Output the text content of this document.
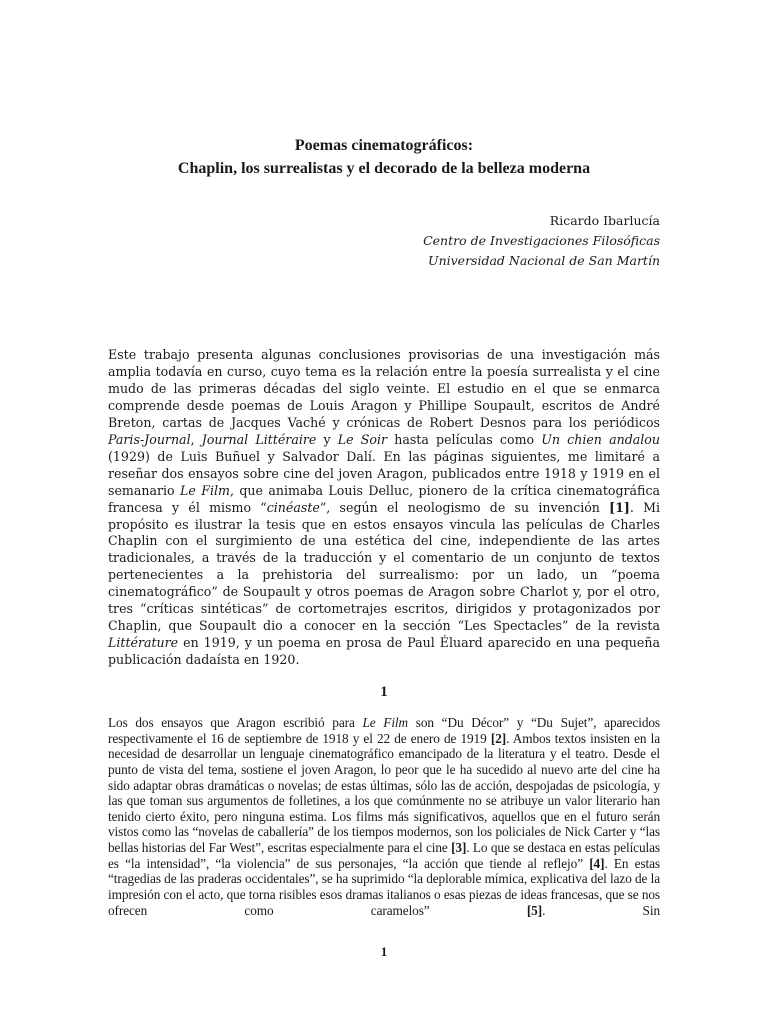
Poemas cinematográficos:
Chaplin, los surrealistas y el decorado de la belleza moderna
Ricardo Ibarlucía
Centro de Investigaciones Filosóficas
Universidad Nacional de San Martín

Este trabajo presenta algunas conclusiones provisorias de una investigación más amplia todavía en curso, cuyo tema es la relación entre la poesía surrealista y el cine mudo de las primeras décadas del siglo veinte. El estudio en el que se enmarca comprende desde poemas de Louis Aragon y Phillipe Soupault, escritos de André Breton, cartas de Jacques Vaché y crónicas de Robert Desnos para los periódicos Paris-Journal, Journal Littéraire y Le Soir hasta películas como Un chien andalou (1929) de Luis Buñuel y Salvador Dalí. En las páginas siguientes, me limitaré a reseñar dos ensayos sobre cine del joven Aragon, publicados entre 1918 y 1919 en el semanario Le Film, que animaba Louis Delluc, pionero de la crítica cinematográfica francesa y él mismo “cinéaste”, según el neologismo de su invención [1]. Mi propósito es ilustrar la tesis que en estos ensayos vincula las películas de Charles Chaplin con el surgimiento de una estética del cine, independiente de las artes tradicionales, a través de la traducción y el comentario de un conjunto de textos pertenecientes a la prehistoria del surrealismo: por un lado, un “poema cinematográfico” de Soupault y otros poemas de Aragon sobre Charlot y, por el otro, tres “críticas sintéticas” de cortometrajes escritos, dirigidos y protagonizados por Chaplin, que Soupault dio a conocer en la sección “Les Spectacles” de la revista Littérature en 1919, y un poema en prosa de Paul Éluard aparecido en una pequeña publicación dadaísta en 1920.

1

Los dos ensayos que Aragon escribió para Le Film son “Du Décor” y “Du Sujet”, aparecidos respectivamente el 16 de septiembre de 1918 y el 22 de enero de 1919 [2]. Ambos textos insisten en la necesidad de desarrollar un lenguaje cinematográfico emancipado de la literatura y el teatro. Desde el punto de vista del tema, sostiene el joven Aragon, lo peor que le ha sucedido al nuevo arte del cine ha sido adaptar obras dramáticas o novelas; de estas últimas, sólo las de acción, despojadas de psicología, y las que toman sus argumentos de folletines, a los que comúnmente no se atribuye un valor literario han tenido cierto éxito, pero ninguna estima. Los films más significativos, aquellos que en el futuro serán vistos como las “novelas de caballería” de los tiempos modernos, son los policiales de Nick Carter y “las bellas historias del Far West”, escritas especialmente para el cine [3]. Lo que se destaca en estas películas es “la intensidad”, “la violencia” de sus personajes, “la acción que tiende al reflejo” [4]. En estas “tragedias de las praderas occidentales”, se ha suprimido “la deplorable mímica, explicativa del lazo de la impresión con el acto, que torna risibles esos dramas italianos o esas piezas de ideas francesas, que se nos ofrecen como caramelos” [5]. Sin

1
